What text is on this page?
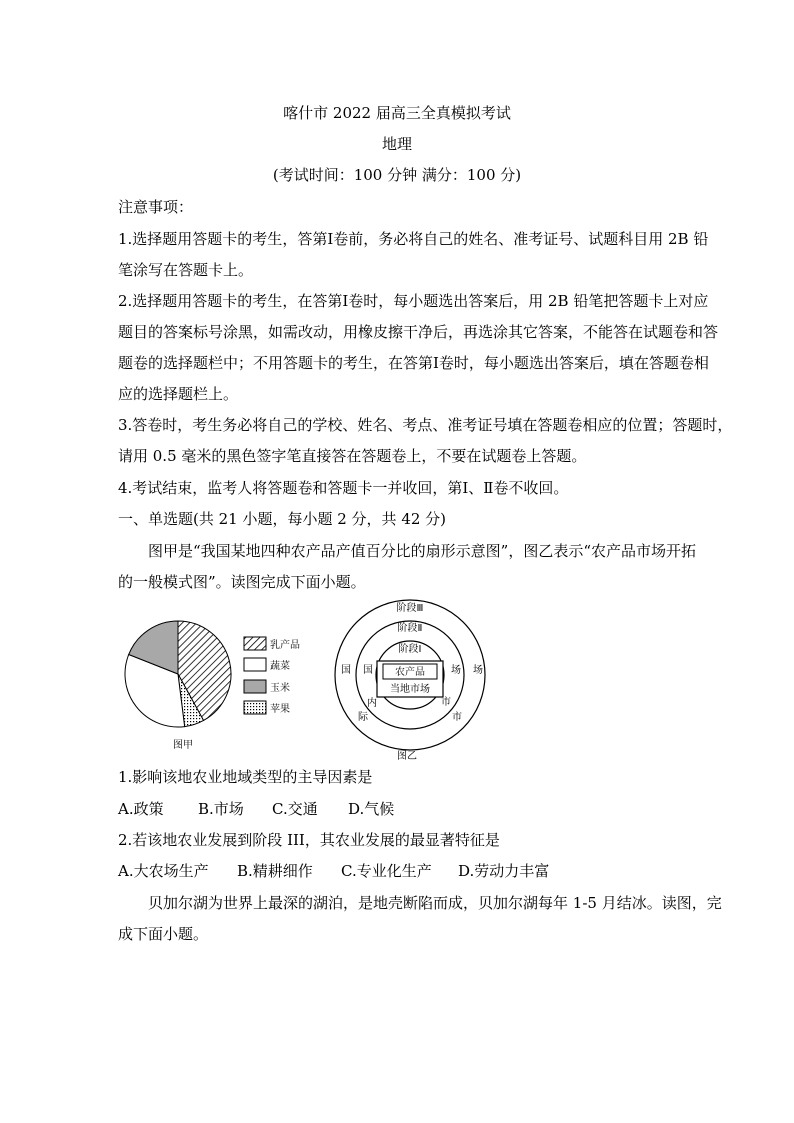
喀什市 2022 届高三全真模拟考试
地理
(考试时间：100 分钟 满分：100 分)
注意事项：
1.选择题用答题卡的考生，答第Ⅰ卷前，务必将自己的姓名、准考证号、试题科目用 2B 铅
笔涂写在答题卡上。
2.选择题用答题卡的考生，在答第Ⅰ卷时，每小题选出答案后，用 2B 铅笔把答题卡上对应
题目的答案标号涂黑，如需改动，用橡皮擦干净后，再选涂其它答案，不能答在试题卷和答
题卷的选择题栏中；不用答题卡的考生，在答第Ⅰ卷时，每小题选出答案后，填在答题卷相
应的选择题栏上。
3.答卷时，考生务必将自己的学校、姓名、考点、准考证号填在答题卷相应的位置；答题时，
请用 0.5 毫米的黑色签字笔直接答在答题卷上，不要在试题卷上答题。
4.考试结束，监考人将答题卷和答题卡一并收回，第Ⅰ、Ⅱ卷不收回。
一、单选题(共 21 小题，每小题 2 分，共 42 分)
图甲是“我国某地四种农产品产值百分比的扇形示意图”，图乙表示“农产品市场开拓
的一般模式图”。读图完成下面小题。
乳产品
蔬菜
玉米
苹果
图甲
阶段Ⅲ
阶段Ⅱ
阶段Ⅰ
农产品
当地市场
国
际
场
市
国
内
场
市
图乙
1.影响该地农业地域类型的主导因素是
A.政策 B.市场 C.交通 D.气候
2.若该地农业发展到阶段 III，其农业发展的最显著特征是
A.大农场生产 B.精耕细作 C.专业化生产 D.劳动力丰富
贝加尔湖为世界上最深的湖泊，是地壳断陷而成，贝加尔湖每年 1-5 月结冰。读图，完
成下面小题。
